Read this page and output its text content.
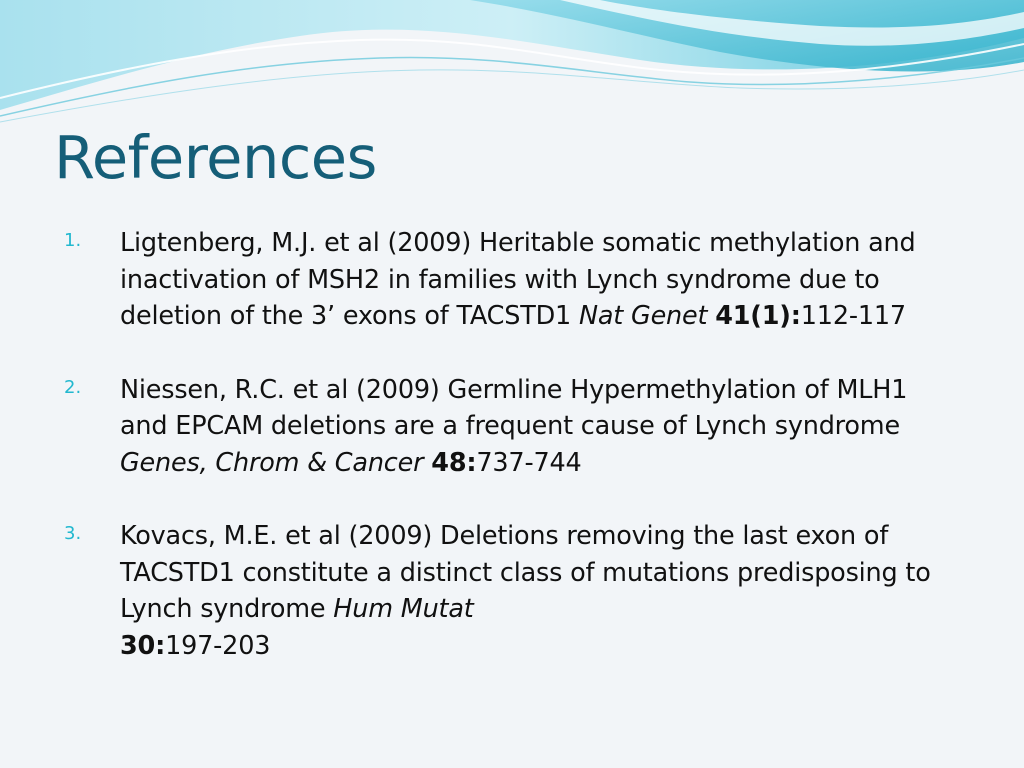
References
1. Ligtenberg, M.J. et al (2009) Heritable somatic methylation and inactivation of MSH2 in families with Lynch syndrome due to deletion of the 3’ exons of TACSTD1 Nat Genet 41(1):112-117
2. Niessen, R.C. et al (2009) Germline Hypermethylation of MLH1 and EPCAM deletions are a frequent cause of Lynch syndrome Genes, Chrom & Cancer 48:737-744
3. Kovacs, M.E. et al (2009) Deletions removing the last exon of TACSTD1 constitute a distinct class of mutations predisposing to Lynch syndrome Hum Mutat
30:197-203
